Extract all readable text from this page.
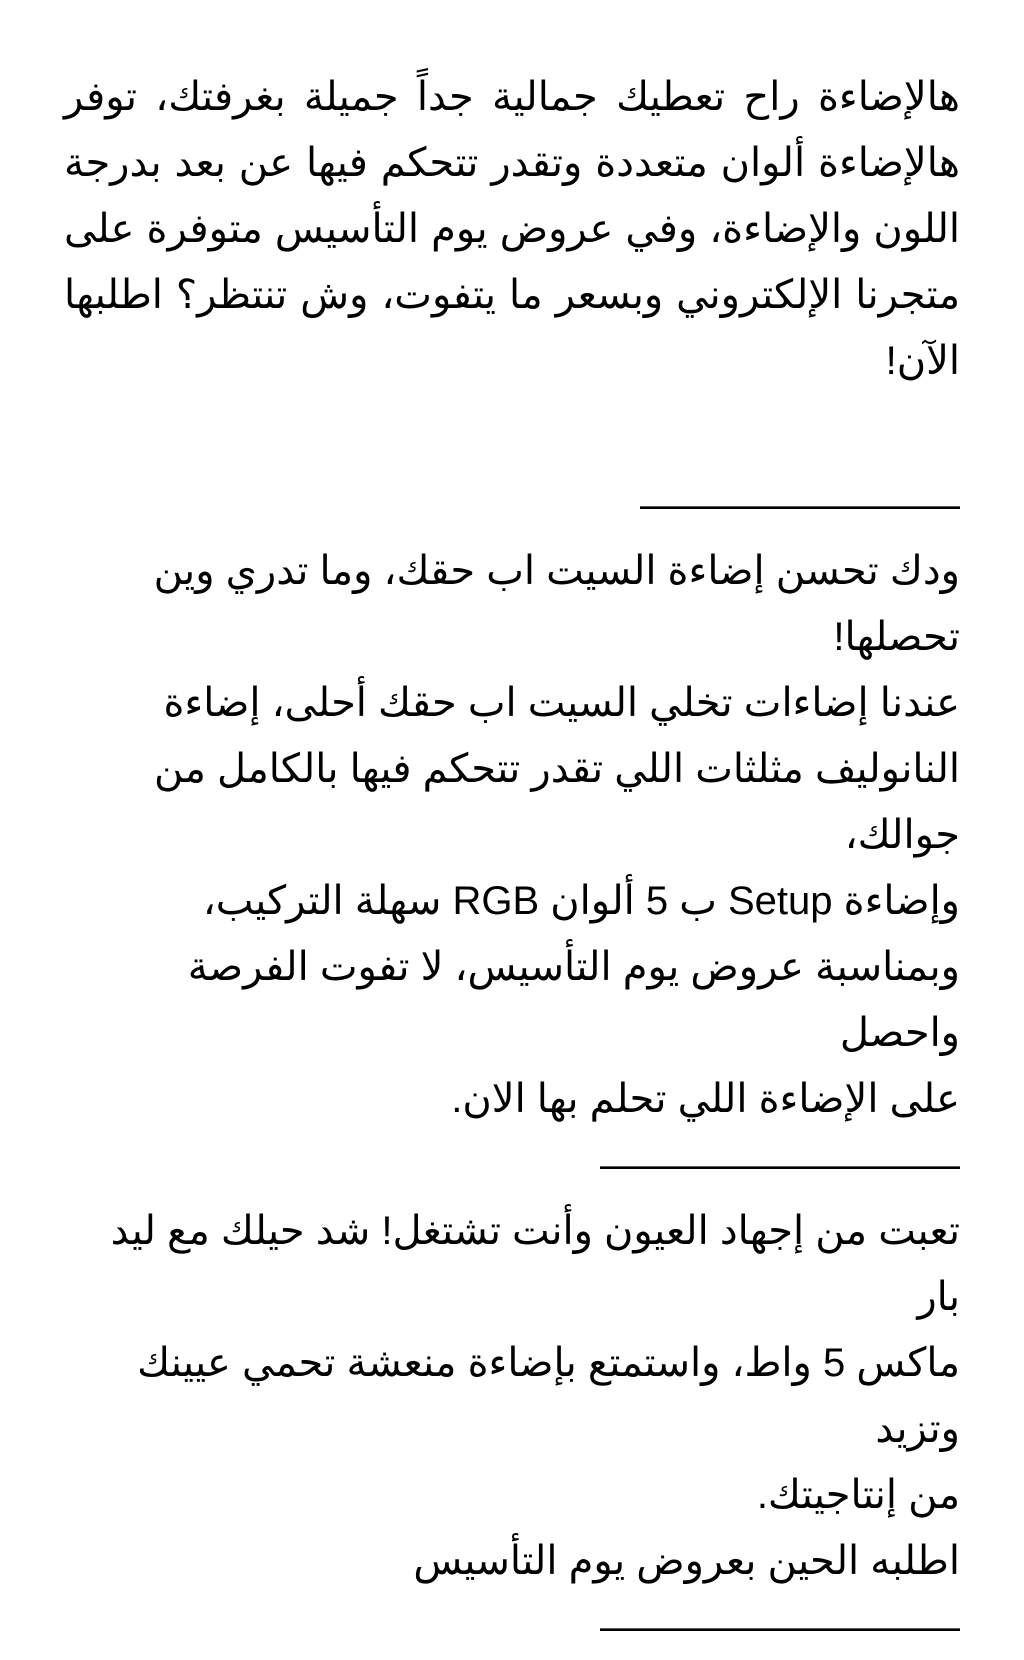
هالإضاءة راح تعطيك جمالية جداً جميلة بغرفتك، توفر هالإضاءة ألوان متعددة وتقدر تتحكم فيها عن بعد بدرجة اللون والإضاءة، وفي عروض يوم التأسيس متوفرة على متجرنا الإلكتروني وبسعر ما يتفوت، وش تنتظر؟ اطلبها الآن!

————————

ودك تحسن إضاءة السيت اب حقك، وما تدري وين

تحصلها!

عندنا إضاءات تخلي السيت اب حقك أحلى، إضاءة

النانوليف مثلثات اللي تقدر تتحكم فيها بالكامل من جوالك،

وإضاءة Setup ب 5 ألوان RGB سهلة التركيب،

وبمناسبة عروض يوم التأسيس، لا تفوت الفرصة واحصل

على الإضاءة اللي تحلم بها الان.

—————————

تعبت من إجهاد العيون وأنت تشتغل! شد حيلك مع ليد بار

ماكس 5 واط، واستمتع بإضاءة منعشة تحمي عيينك وتزيد

من إنتاجيتك.

اطلبه الحين بعروض يوم التأسيس

—————————
